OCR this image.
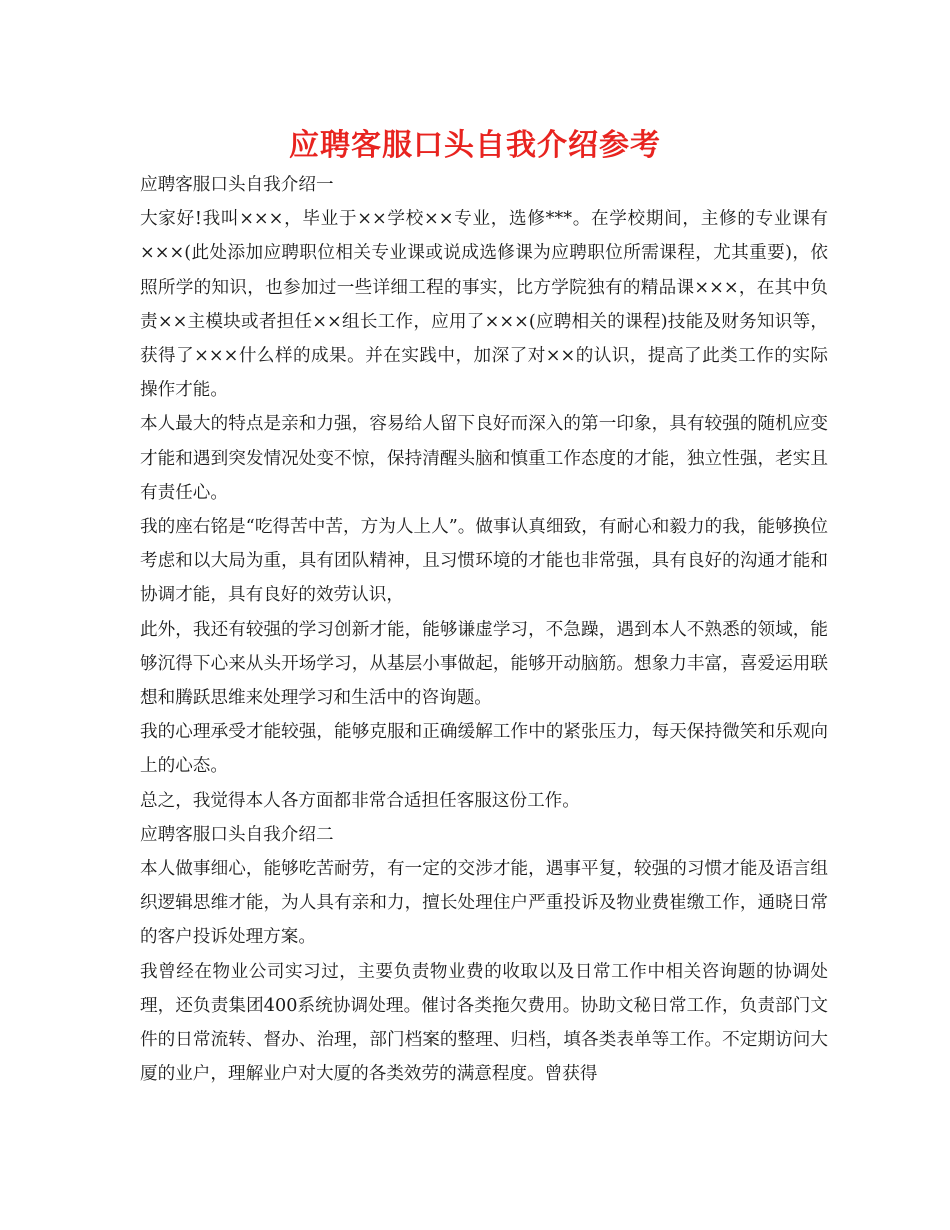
应聘客服口头自我介绍参考

应聘客服口头自我介绍一

大家好!我叫×××，毕业于××学校××专业，选修***。在学校期间，主修的专业课有×××(此处添加应聘职位相关专业课或说成选修课为应聘职位所需课程，尤其重要)，依照所学的知识，也参加过一些详细工程的事实，比方学院独有的精品课×××，在其中负责××主模块或者担任××组长工作，应用了×××(应聘相关的课程)技能及财务知识等，获得了×××什么样的成果。并在实践中，加深了对××的认识，提高了此类工作的实际操作才能。

本人最大的特点是亲和力强，容易给人留下良好而深入的第一印象，具有较强的随机应变才能和遇到突发情况处变不惊，保持清醒头脑和慎重工作态度的才能，独立性强，老实且有责任心。

我的座右铭是“吃得苦中苦，方为人上人”。做事认真细致，有耐心和毅力的我，能够换位考虑和以大局为重，具有团队精神，且习惯环境的才能也非常强，具有良好的沟通才能和协调才能，具有良好的效劳认识，

此外，我还有较强的学习创新才能，能够谦虚学习，不急躁，遇到本人不熟悉的领域，能够沉得下心来从头开场学习，从基层小事做起，能够开动脑筋。想象力丰富，喜爱运用联想和腾跃思维来处理学习和生活中的咨询题。

我的心理承受才能较强，能够克服和正确缓解工作中的紧张压力，每天保持微笑和乐观向上的心态。

总之，我觉得本人各方面都非常合适担任客服这份工作。

应聘客服口头自我介绍二

本人做事细心，能够吃苦耐劳，有一定的交涉才能，遇事平复，较强的习惯才能及语言组织逻辑思维才能，为人具有亲和力，擅长处理住户严重投诉及物业费崔缴工作，通晓日常的客户投诉处理方案。

我曾经在物业公司实习过，主要负责物业费的收取以及日常工作中相关咨询题的协调处理，还负责集团400系统协调处理。催讨各类拖欠费用。协助文秘日常工作，负责部门文件的日常流转、督办、治理，部门档案的整理、归档，填各类表单等工作。不定期访问大厦的业户，理解业户对大厦的各类效劳的满意程度。曾获得
